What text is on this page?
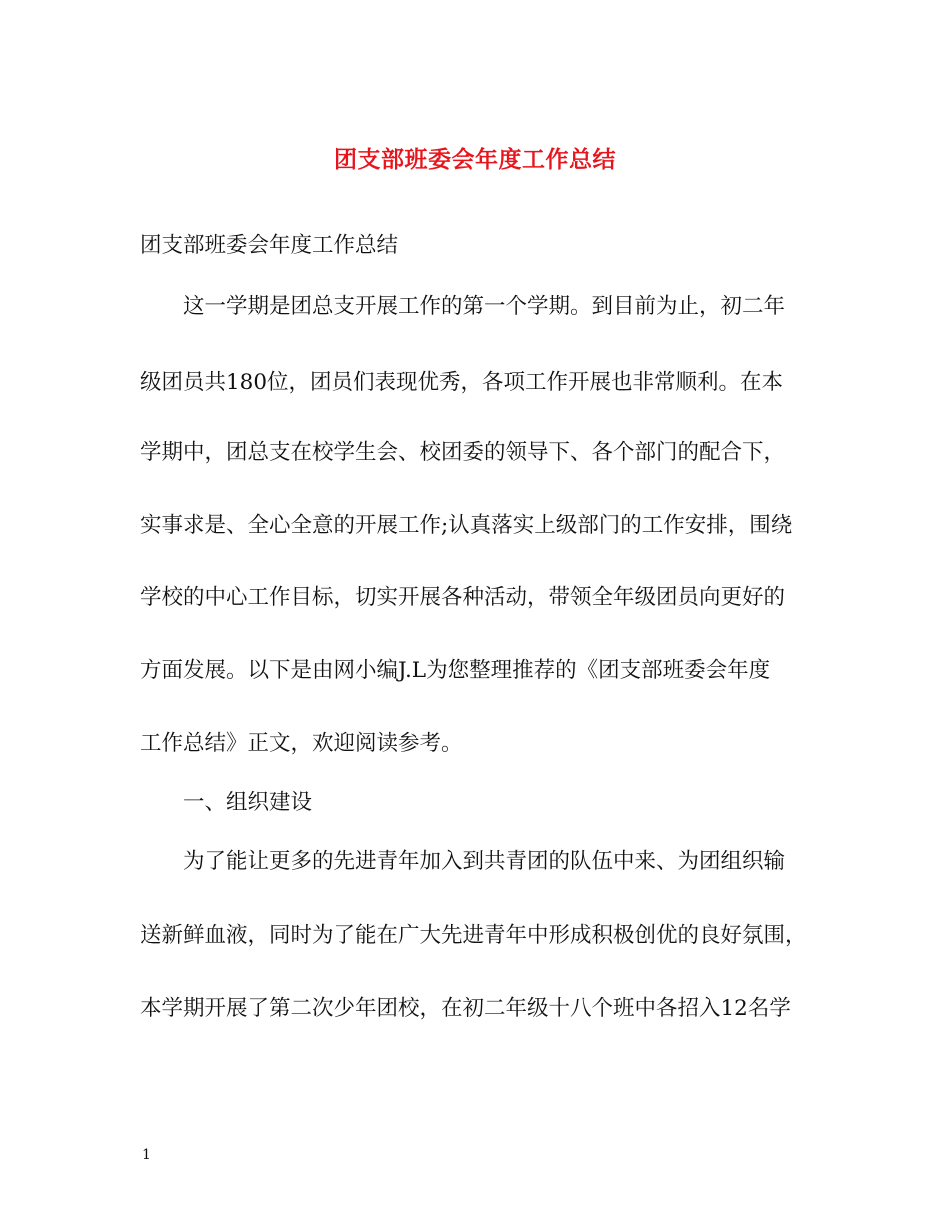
团支部班委会年度工作总结
团支部班委会年度工作总结
　　这一学期是团总支开展工作的第一个学期。到目前为止，初二年
级团员共180位，团员们表现优秀，各项工作开展也非常顺利。在本
学期中，团总支在校学生会、校团委的领导下、各个部门的配合下，
实事求是、全心全意的开展工作;认真落实上级部门的工作安排，围绕
学校的中心工作目标，切实开展各种活动，带领全年级团员向更好的
方面发展。以下是由网小编J.L为您整理推荐的《团支部班委会年度
工作总结》正文，欢迎阅读参考。
　　一、组织建设
　　为了能让更多的先进青年加入到共青团的队伍中来、为团组织输
送新鲜血液，同时为了能在广大先进青年中形成积极创优的良好氛围，
本学期开展了第二次少年团校，在初二年级十八个班中各招入12名学
1
